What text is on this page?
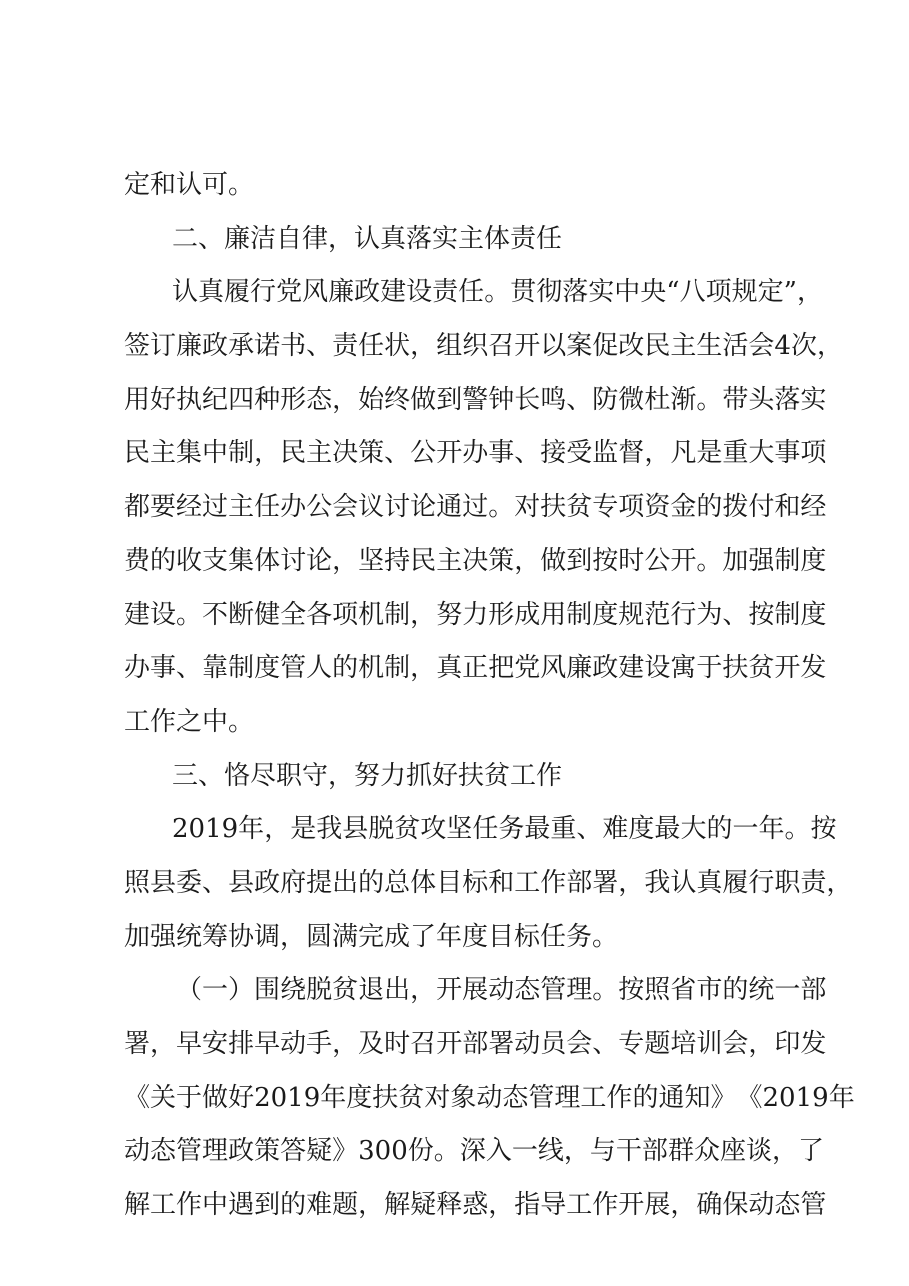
定和认可。
二、廉洁自律，认真落实主体责任
认 真 履 行 党 风 廉 政 建 设 责 任 。 贯 彻 落 实 中 央 “ 八 项 规 定 ” ，
签 订 廉 政 承 诺 书 、 责 任 状 ， 组 织 召 开 以 案 促 改 民 主 生 活 会 4 次 ，
用 好 执 纪 四 种 形 态 ， 始 终 做 到 警 钟 长 鸣 、 防 微 杜 渐 。 带 头 落 实
民 主 集 中 制 ， 民 主 决 策 、 公 开 办 事 、 接 受 监 督 ， 凡 是 重 大 事 项
都 要 经 过 主 任 办 公 会 议 讨 论 通 过 。 对 扶 贫 专 项 资 金 的 拨 付 和 经
费 的 收 支 集 体 讨 论 ， 坚 持 民 主 决 策 ， 做 到 按 时 公 开 。 加 强 制 度
建 设 。 不 断 健 全 各 项 机 制 ， 努 力 形 成 用 制 度 规 范 行 为 、 按 制 度
办 事 、 靠 制 度 管 人 的 机 制 ， 真 正 把 党 风 廉 政 建 设 寓 于 扶 贫 开 发
工作之中。
三、恪尽职守，努力抓好扶贫工作
2019 年 ， 是 我 县 脱 贫 攻 坚 任 务 最 重 、 难 度 最 大 的 一 年 。 按
照 县 委 、 县 政 府 提 出 的 总 体 目 标 和 工 作 部 署 ， 我 认 真 履 行 职 责 ，
加强统筹协调，圆满完成了年度目标任务。
（ 一 ） 围 绕 脱 贫 退 出 ， 开 展 动 态 管 理 。 按 照 省 市 的 统 一 部
署 ， 早 安 排 早 动 手 ， 及 时 召 开 部 署 动 员 会 、 专 题 培 训 会 ， 印 发
《 关 于 做 好 2019 年 度 扶 贫 对 象 动 态 管 理 工 作 的 通 知 》 《 2019 年
动 态 管 理 政 策 答 疑 》 300 份 。 深 入 一 线 ， 与 干 部 群 众 座 谈 ， 了
解 工 作 中 遇 到 的 难 题 ， 解 疑 释 惑 ， 指 导 工 作 开 展 ， 确 保 动 态 管
